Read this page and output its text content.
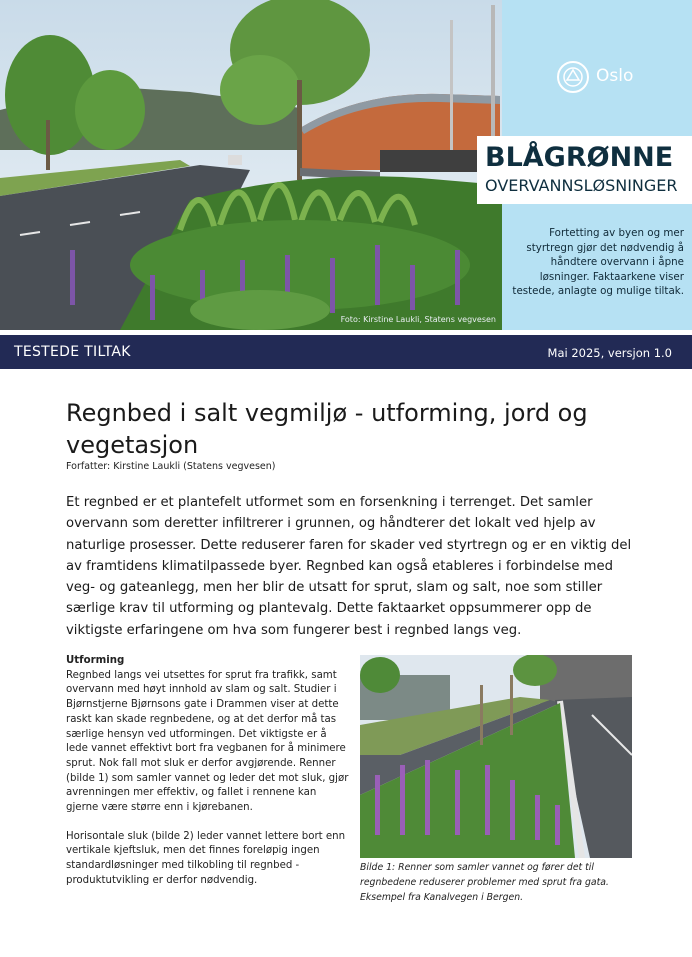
Foto: Kirstine Laukli, Statens vegvesen
Oslo
BLÅGRØNNE
OVERVANNSLØSNINGER
Fortetting av byen og mer styrtregn gjør det nødvendig å håndtere overvann i åpne løsninger. Faktaarkene viser testede, anlagte og mulige tiltak.
TESTEDE TILTAK	Mai 2025, versjon 1.0
Regnbed i salt vegmiljø - utforming, jord og vegetasjon
Forfatter: Kirstine Laukli (Statens vegvesen)
Et regnbed er et plantefelt utformet som en forsenkning i terrenget. Det samler overvann som deretter infiltrerer i grunnen, og håndterer det lokalt ved hjelp av naturlige prosesser. Dette reduserer faren for skader ved styrtregn og er en viktig del av framtidens klimatilpassede byer. Regnbed kan også etableres i forbindelse med veg- og gateanlegg, men her blir de utsatt for sprut, slam og salt, noe som stiller særlige krav til utforming og plantevalg. Dette faktaarket oppsummerer opp de viktigste erfaringene om hva som fungerer best i regnbed langs veg.
Utforming

Regnbed langs vei utsettes for sprut fra trafikk, samt overvann med høyt innhold av slam og salt. Studier i Bjørnstjerne Bjørnsons gate i Drammen viser at dette raskt kan skade regnbedene, og at det derfor må tas særlige hensyn ved utformingen. Det viktigste er å lede vannet effektivt bort fra vegbanen for å minimere sprut. Nok fall mot sluk er derfor avgjørende. Renner (bilde 1) som samler vannet og leder det mot sluk, gjør avrenningen mer effektiv, og fallet i rennene kan gjerne være større enn i kjørebanen.

Horisontale sluk (bilde 2) leder vannet lettere bort enn vertikale kjeftsluk, men det finnes foreløpig ingen standardløsninger med tilkobling til regnbed - produktutvikling er derfor nødvendig.

Bilde 1: Renner som samler vannet og fører det til regnbedene reduserer problemer med sprut fra gata. Eksempel fra Kanalvegen i Bergen.
